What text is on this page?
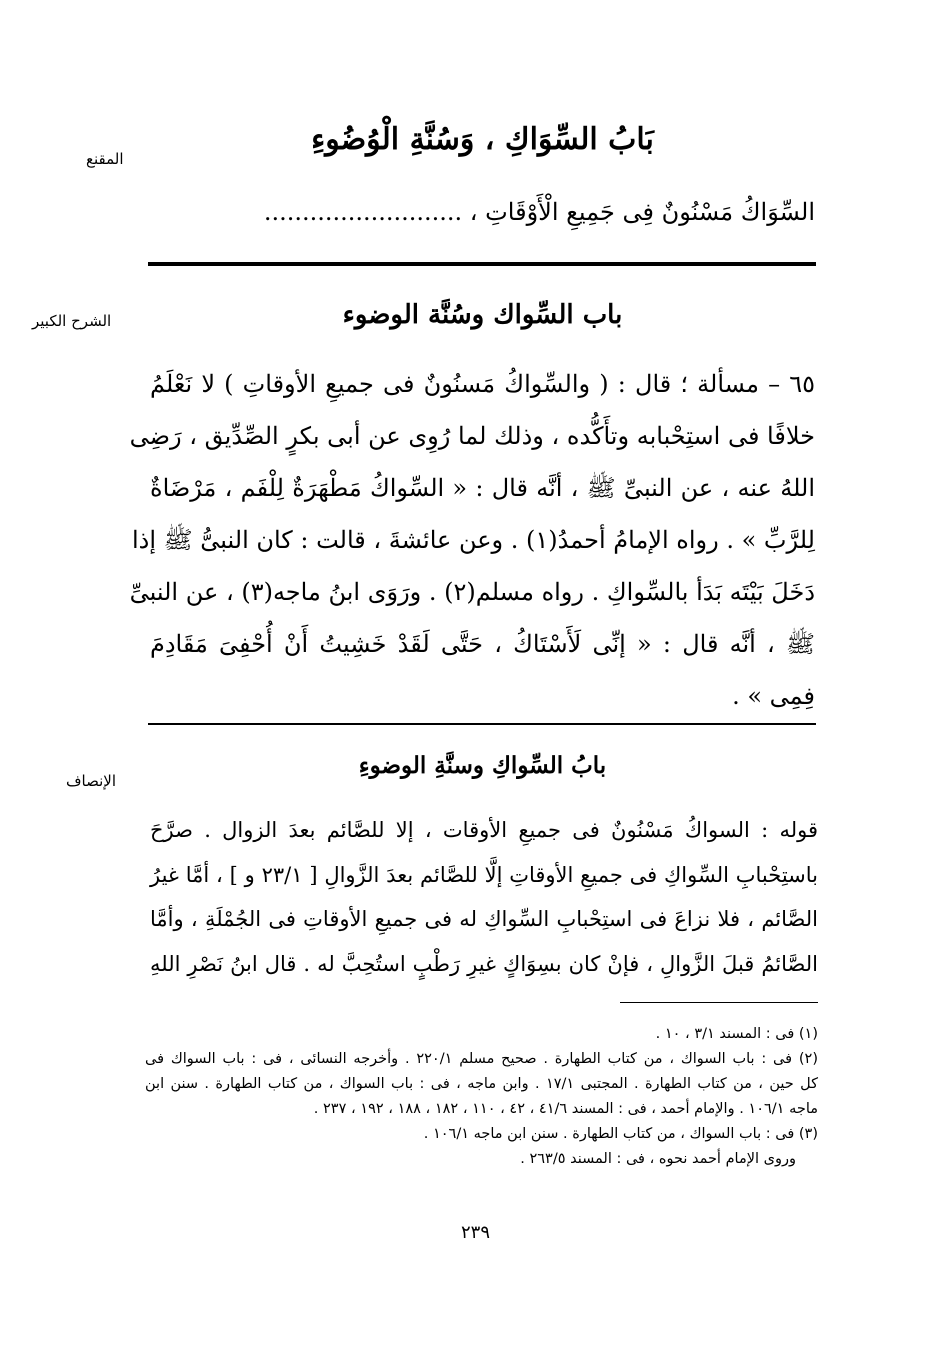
المقنع
بَابُ السِّوَاكِ ، وَسُنَّةِ الْوُضُوءِ
السِّوَاكُ مَسْنُونٌ فِى جَمِيعِ الْأَوْقَاتِ ، ..........................
الشرح الكبير	باب السِّواك وسُنَّة الوضوء
٦٥ – مسألة ؛ قال : ( والسِّواكُ مَسنُونٌ فى جميعِ الأوقاتِ ) لا نَعْلَمُ
خلافًا فى استِحْبابه وتأَكُّده ، وذلك لما رُوِى عن أبى بكرٍ الصِّدِّيق ، رَضِى
اللهُ عنه ، عن النبىِّ ﷺ ، أنَّه قال : « السِّواكُ مَطْهَرَةٌ لِلْفَم ، مَرْضَاةٌ
لِلرَّبِّ » . رواه الإمامُ أحمدُ(١) . وعن عائشةَ ، قالت : كان النبىُّ ﷺ إذا
دَخَلَ بَيْتَه بَدَأ بالسِّواكِ . رواه مسلم(٢) . ورَوَى ابنُ ماجه(٣) ، عن النبىِّ
ﷺ ، أنَّه قال : « إنِّى لَأَسْتَاكُ ، حَتَّى لَقَدْ خَشِيتُ أَنْ أُحْفِىَ مَقَادِمَ
فِمِى » .
الإنصاف
بابُ السِّواكِ وسنَّةِ الوضوءِ
قوله : السواكُ مَسْنُونٌ فى جميعِ الأوقات ، إلا للصَّائم بعدَ الزوال . صرَّحَ
باستِحْبابِ السِّواكِ فى جميعِ الأوقاتِ إلَّا للصَّائم بعدَ الزَّوالِ [ ٢٣/١ و ] ، أمَّا غيرُ
الصَّائم ، فلا نزاعَ فى استِحْبابِ السِّواكِ له فى جميعِ الأوقاتِ فى الجُمْلَةِ ، وأمَّا
الصَّائمُ قبلَ الزَّوالِ ، فإنْ كان بسِوَاكٍ غيرِ رَطْبٍ استُحِبَّ له . قال ابنُ نَصْرِ اللهِ
(١) فى : المسند ٣/١ ، ١٠ .
(٢) فى : باب السواك ، من كتاب الطهارة . صحيح مسلم ٢٢٠/١ . وأخرجه النسائى ، فى : باب السواك فى
كل حين ، من كتاب الطهارة . المجتبى ١٧/١ . وابن ماجه ، فى : باب السواك ، من كتاب الطهارة . سنن ابن
ماجه ١٠٦/١ . والإمام أحمد ، فى : المسند ٤١/٦ ، ٤٢ ، ١١٠ ، ١٨٢ ، ١٨٨ ، ١٩٢ ، ٢٣٧ .
(٣) فى : باب السواك ، من كتاب الطهارة . سنن ابن ماجه ١٠٦/١ .
وروى الإمام أحمد نحوه ، فى : المسند ٢٦٣/٥ .
٢٣٩
